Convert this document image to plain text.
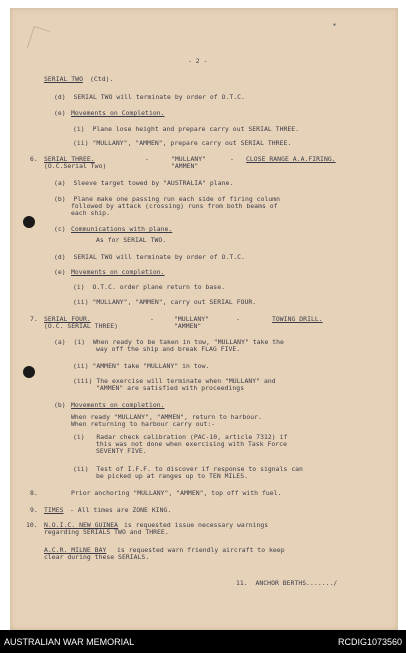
▪
- 2 -
SERIAL TWO (Ctd).
(d)  SERIAL TWO will terminate by order of O.T.C.
(e) Movements on Completion.
(i)  Plane lose height and prepare carry out SERIAL THREE.
(ii) "MULLANY", "AMMEN", prepare carry out SERIAL THREE.
6. SERIAL THREE.
(O.C.Serial Two)
-	"MULLANY"
"AMMEN"
- CLOSE RANGE A.A.FIRING.
(a)  Sleeve target towed by "AUSTRALIA" plane.
(b)  Plane make one passing run each side of firing column
followed by attack (crossing) runs from both beams of
each ship.
(c) Communications with plane.
As for SERIAL TWO.
(d)  SERIAL TWO will terminate by order of O.T.C.
(e) Movements on completion.
(i)  O.T.C. order plane return to base.
(ii) "MULLANY", "AMMEN", carry out SERIAL FOUR.
7. SERIAL FOUR.
(O.C. SERIAL THREE)
-	"MULLANY"
"AMMEN"
-	TOWING DRILL.
(a)  (i)  When ready to be taken in tow, "MULLANY" take the
way off the ship and break FLAG FIVE.
(ii) "AMMEN" take "MULLANY" in tow.
(iii) The exercise will terminate when "MULLANY" and
"AMMEN" are satisfied with proceedings
(b) Movements on completion.
When ready "MULLANY", "AMMEN", return to harbour.
When returning to harbour carry out:-
(i)   Radar check calibration (PAC-10, article 7312) if
this was not done when exercising with Task Force
SEVENTY FIVE.
(ii)  Test of I.F.F. to discover if response to signals can
be picked up at ranges up to TEN MILES.
8.	Prior anchoring "MULLANY", "AMMEN", top off with fuel.
9. TIMES - All times are ZONE KING.
10. N.O.I.C. NEW GUINEA is requested issue necessary warnings
regarding SERIALS TWO and THREE.
A.C.R. MILNE BAY is requested warn friendly aircraft to keep
clear during these SERIALS.
11.  ANCHOR BERTHS......./
AUSTRALIAN WAR MEMORIAL	RCDIG1073560
